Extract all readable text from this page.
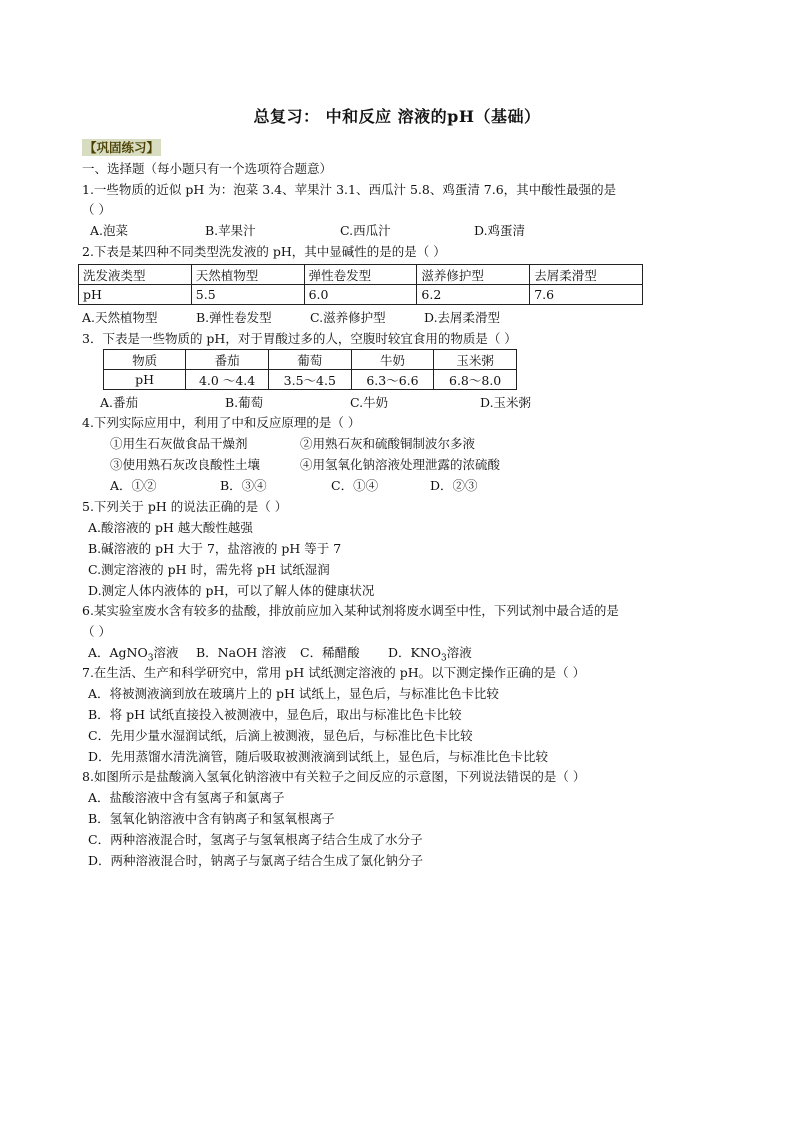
总复习： 中和反应 溶液的pH（基础）
【巩固练习】
一、选择题（每小题只有一个选项符合题意）
1.一些物质的近似 pH 为：泡菜 3.4、苹果汁 3.1、西瓜汁 5.8、鸡蛋清 7.6，其中酸性最强的是
（ ）
A.泡菜	B.苹果汁	C.西瓜汁	D.鸡蛋清
2.下表是某四种不同类型洗发液的 pH，其中显碱性的是的是（ ）
洗发液类型	天然植物型	弹性卷发型	滋养修护型	去屑柔滑型
pH	5.5	6.0	6.2	7.6
A.天然植物型	B.弹性卷发型	C.滋养修护型	D.去屑柔滑型
3．下表是一些物质的 pH，对于胃酸过多的人，空腹时较宜食用的物质是（ ）
物质	番茄	葡萄	牛奶	玉米粥
pH	4.0 ～4.4	3.5～4.5	6.3～6.6	6.8～8.0
A.番茄	B.葡萄	C.牛奶	D.玉米粥
4.下列实际应用中，利用了中和反应原理的是（ ）
①用生石灰做食品干燥剂	②用熟石灰和硫酸铜制波尔多液
③使用熟石灰改良酸性土壤	④用氢氧化钠溶液处理泄露的浓硫酸
A．①②	B．③④	C．①④	D．②③
5.下列关于 pH 的说法正确的是（ ）
A.酸溶液的 pH 越大酸性越强
B.碱溶液的 pH 大于 7，盐溶液的 pH 等于 7
C.测定溶液的 pH 时，需先将 pH 试纸湿润
D.测定人体内液体的 pH，可以了解人体的健康状况
6.某实验室废水含有较多的盐酸，排放前应加入某种试剂将废水调至中性，下列试剂中最合适的是
（ ）
A．AgNO$_3$溶液 B．NaOH 溶液 C．稀醋酸 D．$KNO_3$溶液
7.在生活、生产和科学研究中，常用 pH 试纸测定溶液的 pH。以下测定操作正确的是（ ）
A．将被测液滴到放在玻璃片上的 pH 试纸上，显色后，与标准比色卡比较
B．将 pH 试纸直接投入被测液中，显色后，取出与标准比色卡比较
C．先用少量水湿润试纸，后滴上被测液，显色后，与标准比色卡比较
D．先用蒸馏水清洗滴管，随后吸取被测液滴到试纸上，显色后，与标准比色卡比较
8.如图所示是盐酸滴入氢氧化钠溶液中有关粒子之间反应的示意图，下列说法错误的是（ ）
A．盐酸溶液中含有氢离子和氯离子
B．氢氧化钠溶液中含有钠离子和氢氧根离子
C．两种溶液混合时，氢离子与氢氧根离子结合生成了水分子
D．两种溶液混合时，钠离子与氯离子结合生成了氯化钠分子
